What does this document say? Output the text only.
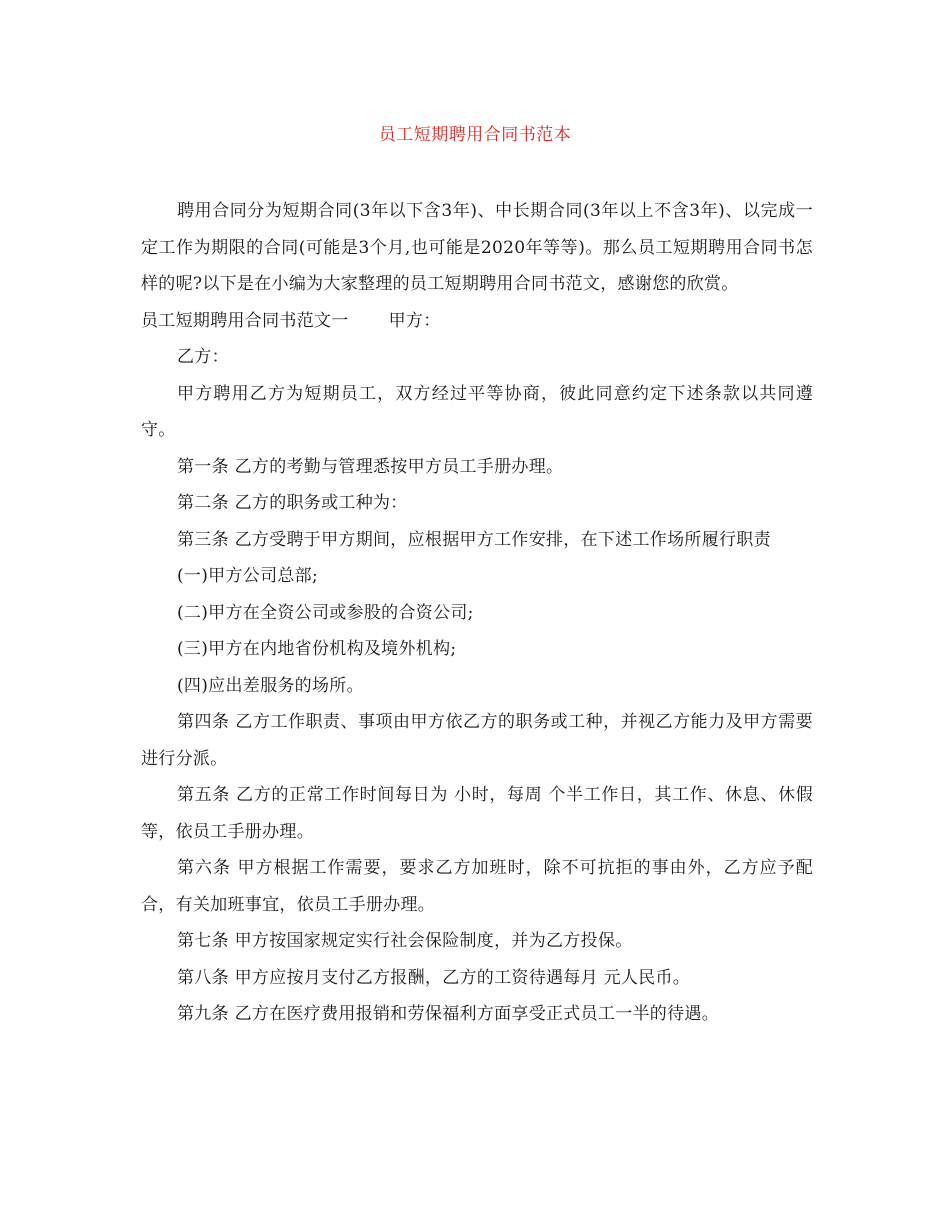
员工短期聘用合同书范本

聘用合同分为短期合同(3年以下含3年)、中长期合同(3年以上不含3年)、以完成一定工作为期限的合同(可能是3个月,也可能是2020年等等)。那么员工短期聘用合同书怎样的呢?以下是在小编为大家整理的员工短期聘用合同书范文，感谢您的欣赏。

员工短期聘用合同书范文一 甲方：

乙方：

甲方聘用乙方为短期员工，双方经过平等协商，彼此同意约定下述条款以共同遵守。

第一条 乙方的考勤与管理悉按甲方员工手册办理。

第二条 乙方的职务或工种为：

第三条 乙方受聘于甲方期间，应根据甲方工作安排，在下述工作场所履行职责

(一)甲方公司总部;

(二)甲方在全资公司或参股的合资公司;

(三)甲方在内地省份机构及境外机构;

(四)应出差服务的场所。

第四条 乙方工作职责、事项由甲方依乙方的职务或工种，并视乙方能力及甲方需要进行分派。

第五条 乙方的正常工作时间每日为 小时，每周 个半工作日，其工作、休息、休假等，依员工手册办理。

第六条 甲方根据工作需要，要求乙方加班时，除不可抗拒的事由外，乙方应予配合，有关加班事宜，依员工手册办理。

第七条 甲方按国家规定实行社会保险制度，并为乙方投保。

第八条 甲方应按月支付乙方报酬，乙方的工资待遇每月 元人民币。

第九条 乙方在医疗费用报销和劳保福利方面享受正式员工一半的待遇。
